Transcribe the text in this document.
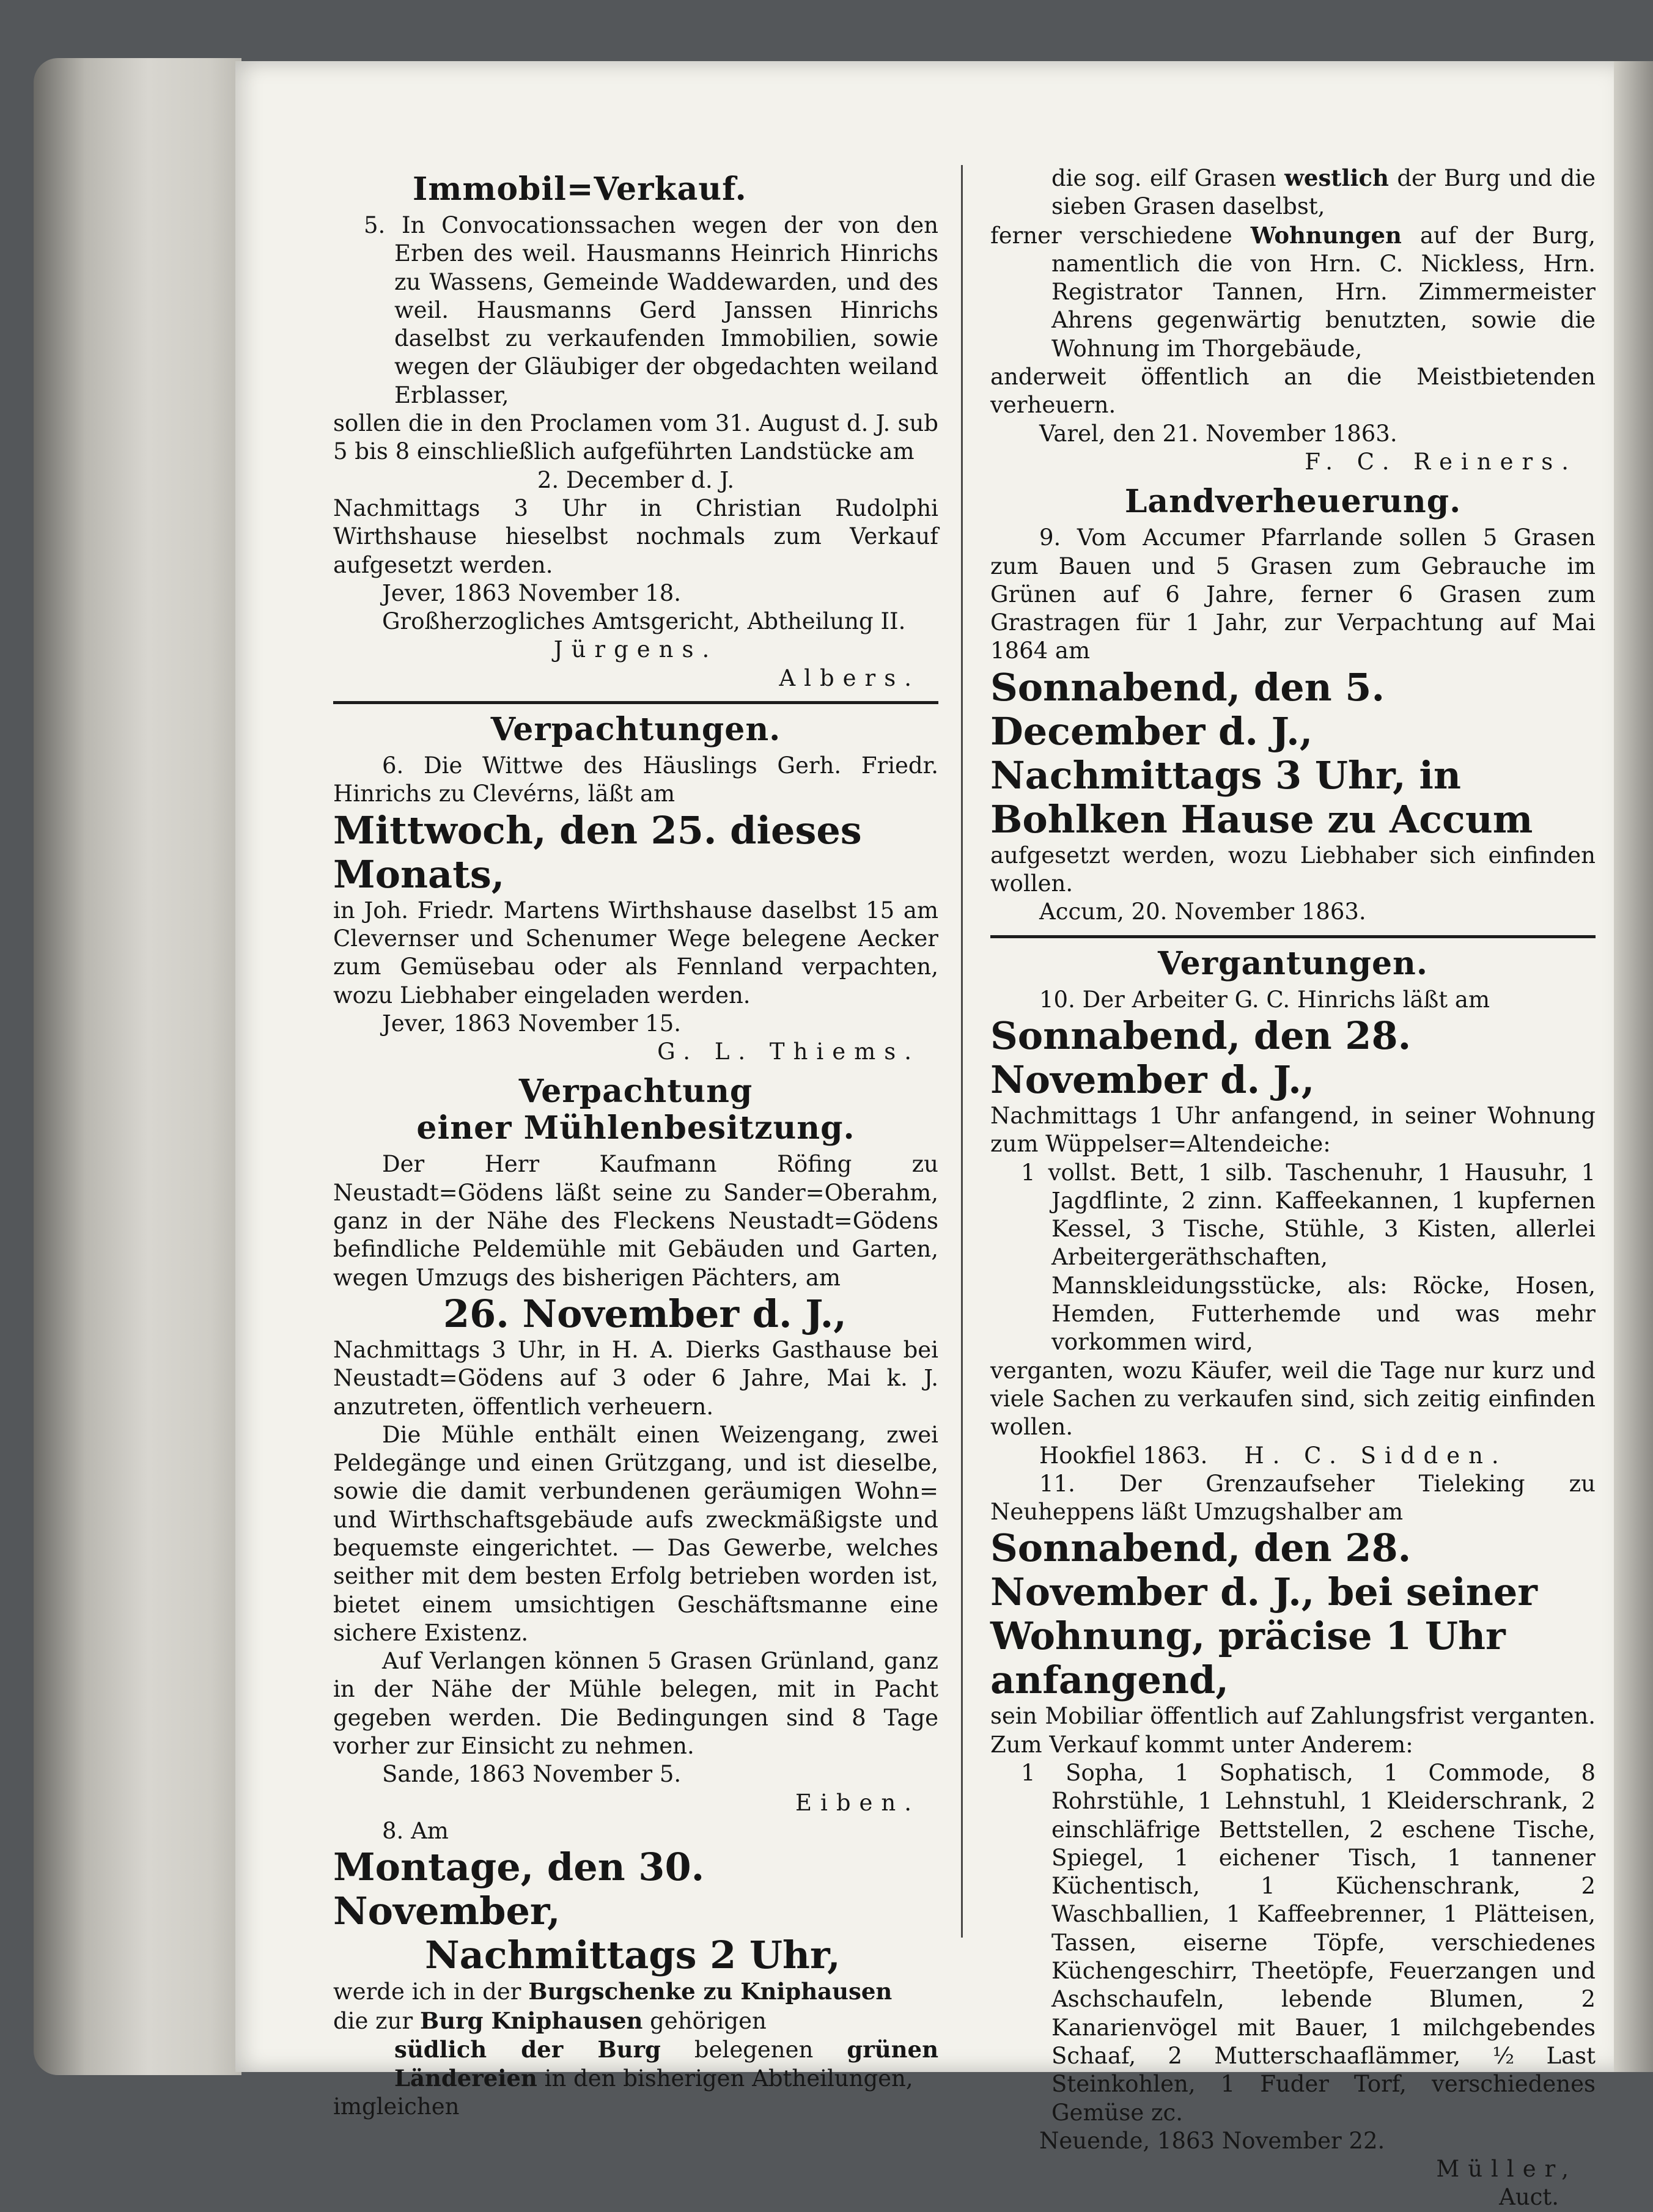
Immobil=Verkauf.

5. In Convocationssachen wegen der von den Erben des weil. Hausmanns Heinrich Hinrichs zu Wassens, Gemeinde Waddewarden, und des weil. Hausmanns Gerd Janssen Hinrichs daselbst zu verkaufenden Immobilien, sowie wegen der Gläubiger der obgedachten weiland Erblasser,

sollen die in den Proclamen vom 31. August d. J. sub 5 bis 8 einschließlich aufgeführten Landstücke am

2. December d. J.

Nachmittags 3 Uhr in Christian Rudolphi Wirthshause hieselbst nochmals zum Verkauf aufgesetzt werden.

Jever, 1863 November 18.

Großherzogliches Amtsgericht, Abtheilung II.

Jürgens.

Albers.

Verpachtungen.

6. Die Wittwe des Häuslings Gerh. Friedr. Hinrichs zu Clevérns, läßt am

Mittwoch, den 25. dieses Monats,

in Joh. Friedr. Martens Wirthshause daselbst 15 am Clevernser und Schenumer Wege belegene Aecker zum Gemüsebau oder als Fennland verpachten, wozu Liebhaber eingeladen werden.

Jever, 1863 November 15.

G. L. Thiems.

Verpachtung
einer Mühlenbesitzung.

Der Herr Kaufmann Röfing zu Neustadt=Gödens läßt seine zu Sander=Oberahm, ganz in der Nähe des Fleckens Neustadt=Gödens befindliche Peldemühle mit Gebäuden und Garten, wegen Umzugs des bisherigen Pächters, am

26. November d. J.,

Nachmittags 3 Uhr, in H. A. Dierks Gasthause bei Neustadt=Gödens auf 3 oder 6 Jahre, Mai k. J. anzutreten, öffentlich verheuern.

Die Mühle enthält einen Weizengang, zwei Peldegänge und einen Grützgang, und ist dieselbe, sowie die damit verbundenen geräumigen Wohn= und Wirthschaftsgebäude aufs zweckmäßigste und bequemste eingerichtet. — Das Gewerbe, welches seither mit dem besten Erfolg betrieben worden ist, bietet einem umsichtigen Geschäftsmanne eine sichere Existenz.

Auf Verlangen können 5 Grasen Grünland, ganz in der Nähe der Mühle belegen, mit in Pacht gegeben werden. Die Bedingungen sind 8 Tage vorher zur Einsicht zu nehmen.

Sande, 1863 November 5.

Eiben.

8. Am

Montage, den 30. November,

Nachmittags 2 Uhr,

werde ich in der Burgschenke zu Kniphausen

die zur Burg Kniphausen gehörigen

südlich der Burg belegenen grünen Ländereien in den bisherigen Abtheilungen,

imgleichen

die sog. eilf Grasen westlich der Burg und die sieben Grasen daselbst,

ferner verschiedene Wohnungen auf der Burg, namentlich die von Hrn. C. Nickless, Hrn. Registrator Tannen, Hrn. Zimmermeister Ahrens gegenwärtig benutzten, sowie die Wohnung im Thorgebäude,

anderweit öffentlich an die Meistbietenden verheuern.

Varel, den 21. November 1863.

F. C. Reiners.

Landverheuerung.

9. Vom Accumer Pfarrlande sollen 5 Grasen zum Bauen und 5 Grasen zum Gebrauche im Grünen auf 6 Jahre, ferner 6 Grasen zum Grastragen für 1 Jahr, zur Verpachtung auf Mai 1864 am

Sonnabend, den 5. December d. J., Nachmittags 3 Uhr, in Bohlken Hause zu Accum

aufgesetzt werden, wozu Liebhaber sich einfinden wollen.

Accum, 20. November 1863.

Vergantungen.

10. Der Arbeiter G. C. Hinrichs läßt am

Sonnabend, den 28. November d. J.,

Nachmittags 1 Uhr anfangend, in seiner Wohnung zum Wüppelser=Altendeiche:

1 vollst. Bett, 1 silb. Taschenuhr, 1 Hausuhr, 1 Jagdflinte, 2 zinn. Kaffeekannen, 1 kupfernen Kessel, 3 Tische, Stühle, 3 Kisten, allerlei Arbeitergeräthschaften, Mannskleidungsstücke, als: Röcke, Hosen, Hemden, Futterhemde und was mehr vorkommen wird,

verganten, wozu Käufer, weil die Tage nur kurz und viele Sachen zu verkaufen sind, sich zeitig einfinden wollen.

Hookfiel 1863. H. C. Sidden.

11. Der Grenzaufseher Tieleking zu Neuheppens läßt Umzugshalber am

Sonnabend, den 28. November d. J., bei seiner Wohnung, präcise 1 Uhr anfangend,

sein Mobiliar öffentlich auf Zahlungsfrist verganten. Zum Verkauf kommt unter Anderem:

1 Sopha, 1 Sophatisch, 1 Commode, 8 Rohrstühle, 1 Lehnstuhl, 1 Kleiderschrank, 2 einschläfrige Bettstellen, 2 eschene Tische, Spiegel, 1 eichener Tisch, 1 tannener Küchentisch, 1 Küchenschrank, 2 Waschballien, 1 Kaffeebrenner, 1 Plätteisen, Tassen, eiserne Töpfe, verschiedenes Küchengeschirr, Theetöpfe, Feuerzangen und Aschschaufeln, lebende Blumen, 2 Kanarienvögel mit Bauer, 1 milchgebendes Schaaf, 2 Mutterschaaflämmer, ½ Last Steinkohlen, 1 Fuder Torf, verschiedenes Gemüse zc.

Neuende, 1863 November 22.

Müller,

Auct.
